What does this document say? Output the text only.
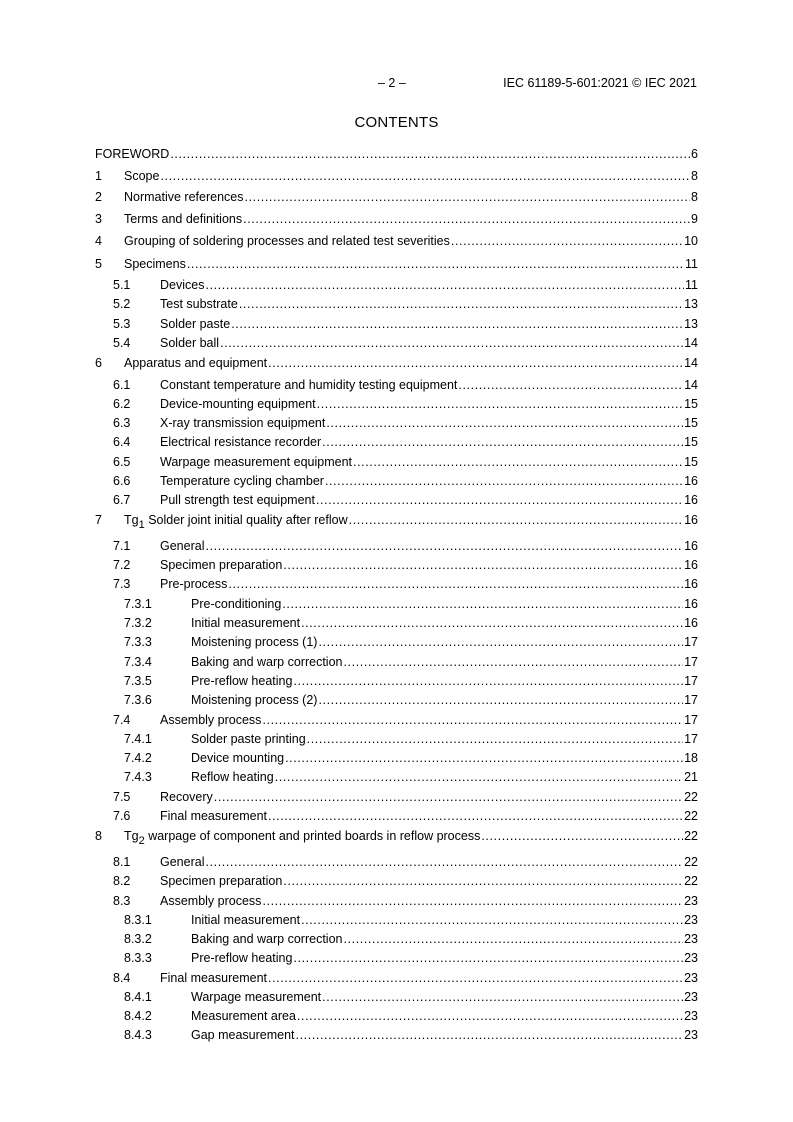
– 2 –	IEC 61189-5-601:2021 © IEC 2021
CONTENTS
FOREWORD .....	6
1	Scope .....	8
2	Normative references .....	8
3	Terms and definitions .....	9
4	Grouping of soldering processes and related test severities .....	10
5	Specimens .....	11
5.1	Devices .....	11
5.2	Test substrate .....	13
5.3	Solder paste .....	13
5.4	Solder ball .....	14
6	Apparatus and equipment .....	14
6.1	Constant temperature and humidity testing equipment .....	14
6.2	Device-mounting equipment .....	15
6.3	X-ray transmission equipment .....	15
6.4	Electrical resistance recorder .....	15
6.5	Warpage measurement equipment .....	15
6.6	Temperature cycling chamber .....	16
6.7	Pull strength test equipment .....	16
7	$Tg_1$ Solder joint initial quality after reflow .....	16
7.1	General .....	16
7.2	Specimen preparation .....	16
7.3	Pre-process .....	16
7.3.1	Pre-conditioning .....	16
7.3.2	Initial measurement .....	16
7.3.3	Moistening process (1) .....	17
7.3.4	Baking and warp correction .....	17
7.3.5	Pre-reflow heating .....	17
7.3.6	Moistening process (2) .....	17
7.4	Assembly process .....	17
7.4.1	Solder paste printing .....	17
7.4.2	Device mounting .....	18
7.4.3	Reflow heating .....	21
7.5	Recovery .....	22
7.6	Final measurement .....	22
8	$Tg_2$ warpage of component and printed boards in reflow process .....	22
8.1	General .....	22
8.2	Specimen preparation .....	22
8.3	Assembly process .....	23
8.3.1	Initial measurement .....	23
8.3.2	Baking and warp correction .....	23
8.3.3	Pre-reflow heating .....	23
8.4	Final measurement .....	23
8.4.1	Warpage measurement .....	23
8.4.2	Measurement area .....	23
8.4.3	Gap measurement .....	23
